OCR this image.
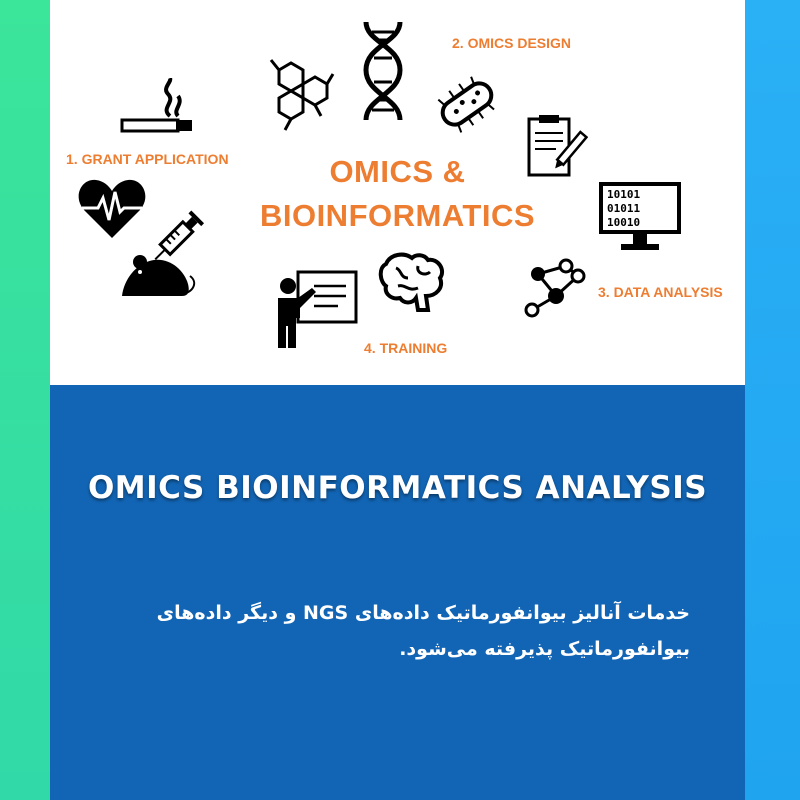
10101
01011
10010
1. GRANT APPLICATION
2. OMICS DESIGN
3. DATA ANALYSIS
4. TRAINING
OMICS &
BIOINFORMATICS
OMICS BIOINFORMATICS ANALYSIS
خدمات آنالیز بیوانفورماتیک داده‌های NGS و دیگر داده‌های بیوانفورماتیک پذیرفته می‌شود.
